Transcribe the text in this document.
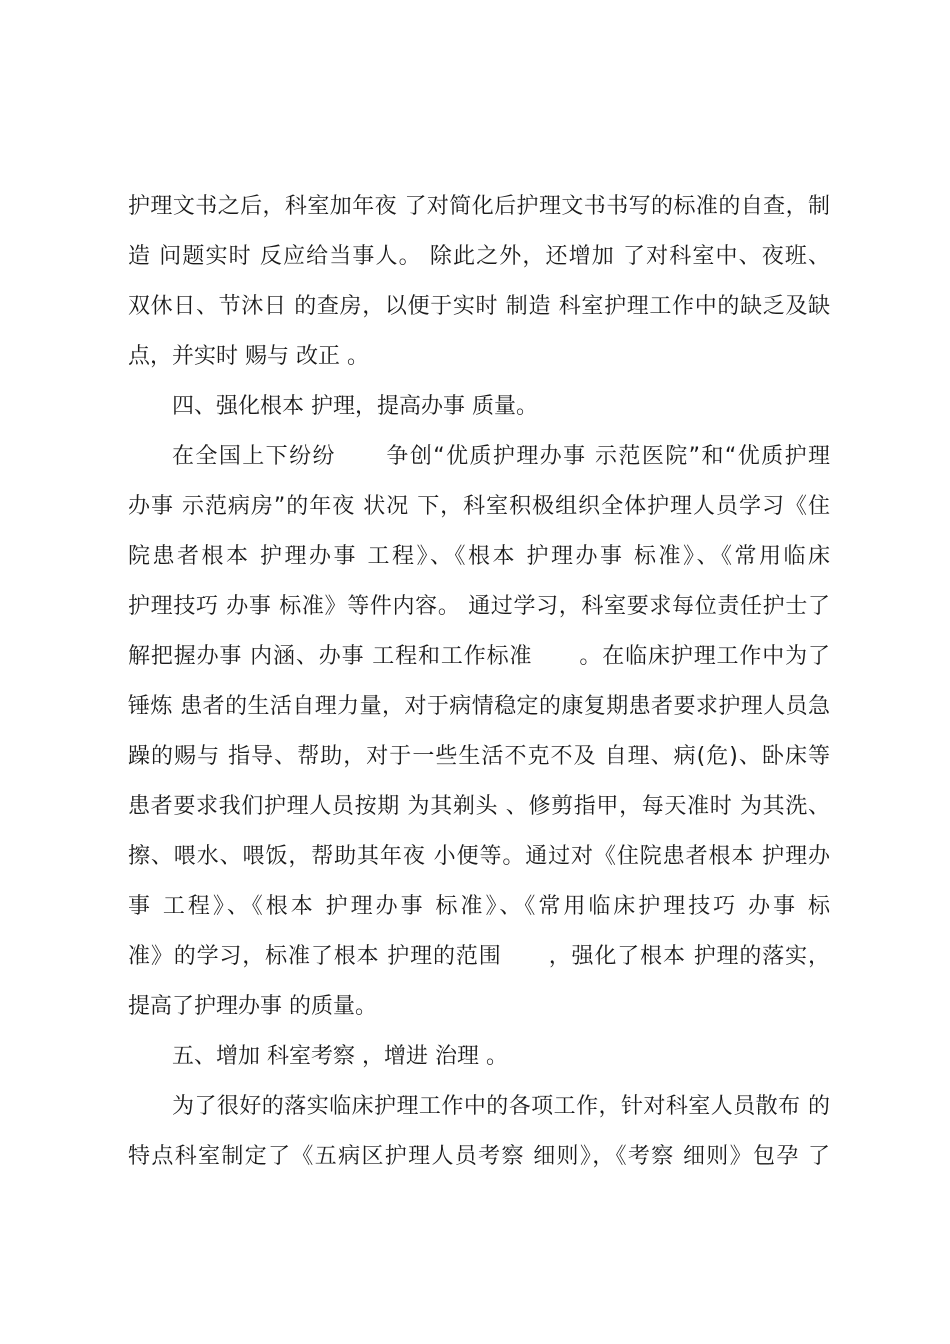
护理文书之后，科室加年夜 了对简化后护理文书书写的标准的自查，制
造 问题实时 反应给当事人。 除此之外，还增加 了对科室中、夜班、
双休日、节沐日 的查房，以便于实时 制造 科室护理工作中的缺乏及缺
点，并实时 赐与 改正 。
四、强化根本 护理，提高办事 质量。
在全国上下纷纷      争创“优质护理办事 示范医院”和“优质护理
办事 示范病房”的年夜 状况 下，科室积极组织全体护理人员学习《住
院患者根本 护理办事 工程》、《根本 护理办事 标准》、《常用临床
护理技巧 办事 标准》等件内容。 通过学习，科室要求每位责任护士了
解把握办事 内涵、办事 工程和工作标准      。在临床护理工作中为了
锤炼 患者的生活自理力量，对于病情稳定的康复期患者要求护理人员急
躁的赐与 指导、帮助，对于一些生活不克不及 自理、病(危)、卧床等
患者要求我们护理人员按期 为其剃头 、修剪指甲，每天准时 为其洗、
擦、喂水、喂饭，帮助其年夜 小便等。通过对《住院患者根本 护理办
事 工程》、《根本 护理办事 标准》、《常用临床护理技巧 办事 标
准》的学习，标准了根本 护理的范围      ，强化了根本 护理的落实，
提高了护理办事 的质量。
五、增加 科室考察 ，增进 治理 。
为了很好的落实临床护理工作中的各项工作，针对科室人员散布 的
特点科室制定了《五病区护理人员考察 细则》，《考察 细则》包孕 了
